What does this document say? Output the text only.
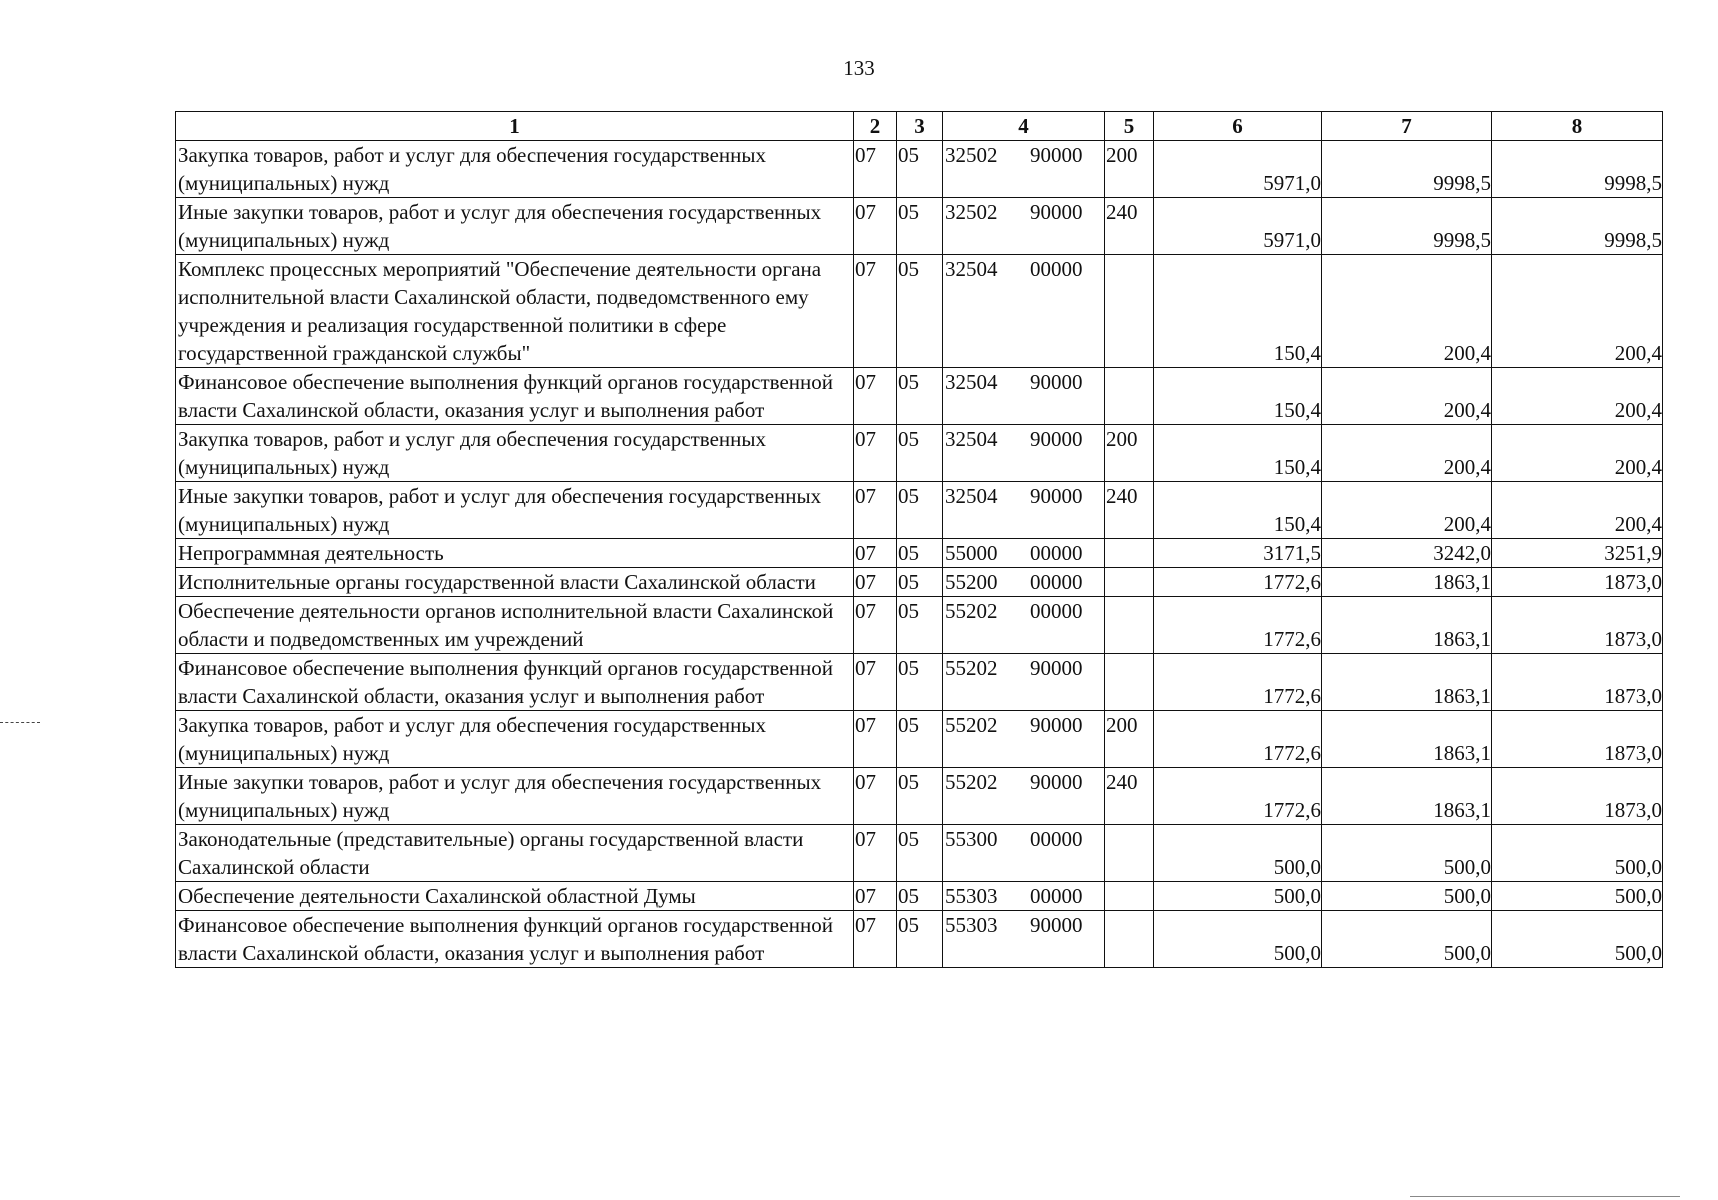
133
1	2	3	4	5	6	7	8
Закупка товаров, работ и услуг для обеспечения государственных (муниципальных) нужд	07	05	32502 90000	200	5971,0	9998,5	9998,5
Иные закупки товаров, работ и услуг для обеспечения государственных (муниципальных) нужд	07	05	32502 90000	240	5971,0	9998,5	9998,5
Комплекс процессных мероприятий "Обеспечение деятельности органа исполнительной власти Сахалинской области, подведомственного ему учреждения и реализация государственной политики в сфере государственной гражданской службы"	07	05	32504 00000		150,4	200,4	200,4
Финансовое обеспечение выполнения функций органов государственной власти Сахалинской области, оказания услуг и выполнения работ	07	05	32504 90000		150,4	200,4	200,4
Закупка товаров, работ и услуг для обеспечения государственных (муниципальных) нужд	07	05	32504 90000	200	150,4	200,4	200,4
Иные закупки товаров, работ и услуг для обеспечения государственных (муниципальных) нужд	07	05	32504 90000	240	150,4	200,4	200,4
Непрограммная деятельность	07	05	55000 00000		3171,5	3242,0	3251,9
Исполнительные органы государственной власти Сахалинской области	07	05	55200 00000		1772,6	1863,1	1873,0
Обеспечение деятельности органов исполнительной власти Сахалинской области и подведомственных им учреждений	07	05	55202 00000		1772,6	1863,1	1873,0
Финансовое обеспечение выполнения функций органов государственной власти Сахалинской области, оказания услуг и выполнения работ	07	05	55202 90000		1772,6	1863,1	1873,0
Закупка товаров, работ и услуг для обеспечения государственных (муниципальных) нужд	07	05	55202 90000	200	1772,6	1863,1	1873,0
Иные закупки товаров, работ и услуг для обеспечения государственных (муниципальных) нужд	07	05	55202 90000	240	1772,6	1863,1	1873,0
Законодательные (представительные) органы государственной власти Сахалинской области	07	05	55300 00000		500,0	500,0	500,0
Обеспечение деятельности Сахалинской областной Думы	07	05	55303 00000		500,0	500,0	500,0
Финансовое обеспечение выполнения функций органов государственной власти Сахалинской области, оказания услуг и выполнения работ	07	05	55303 90000		500,0	500,0	500,0
